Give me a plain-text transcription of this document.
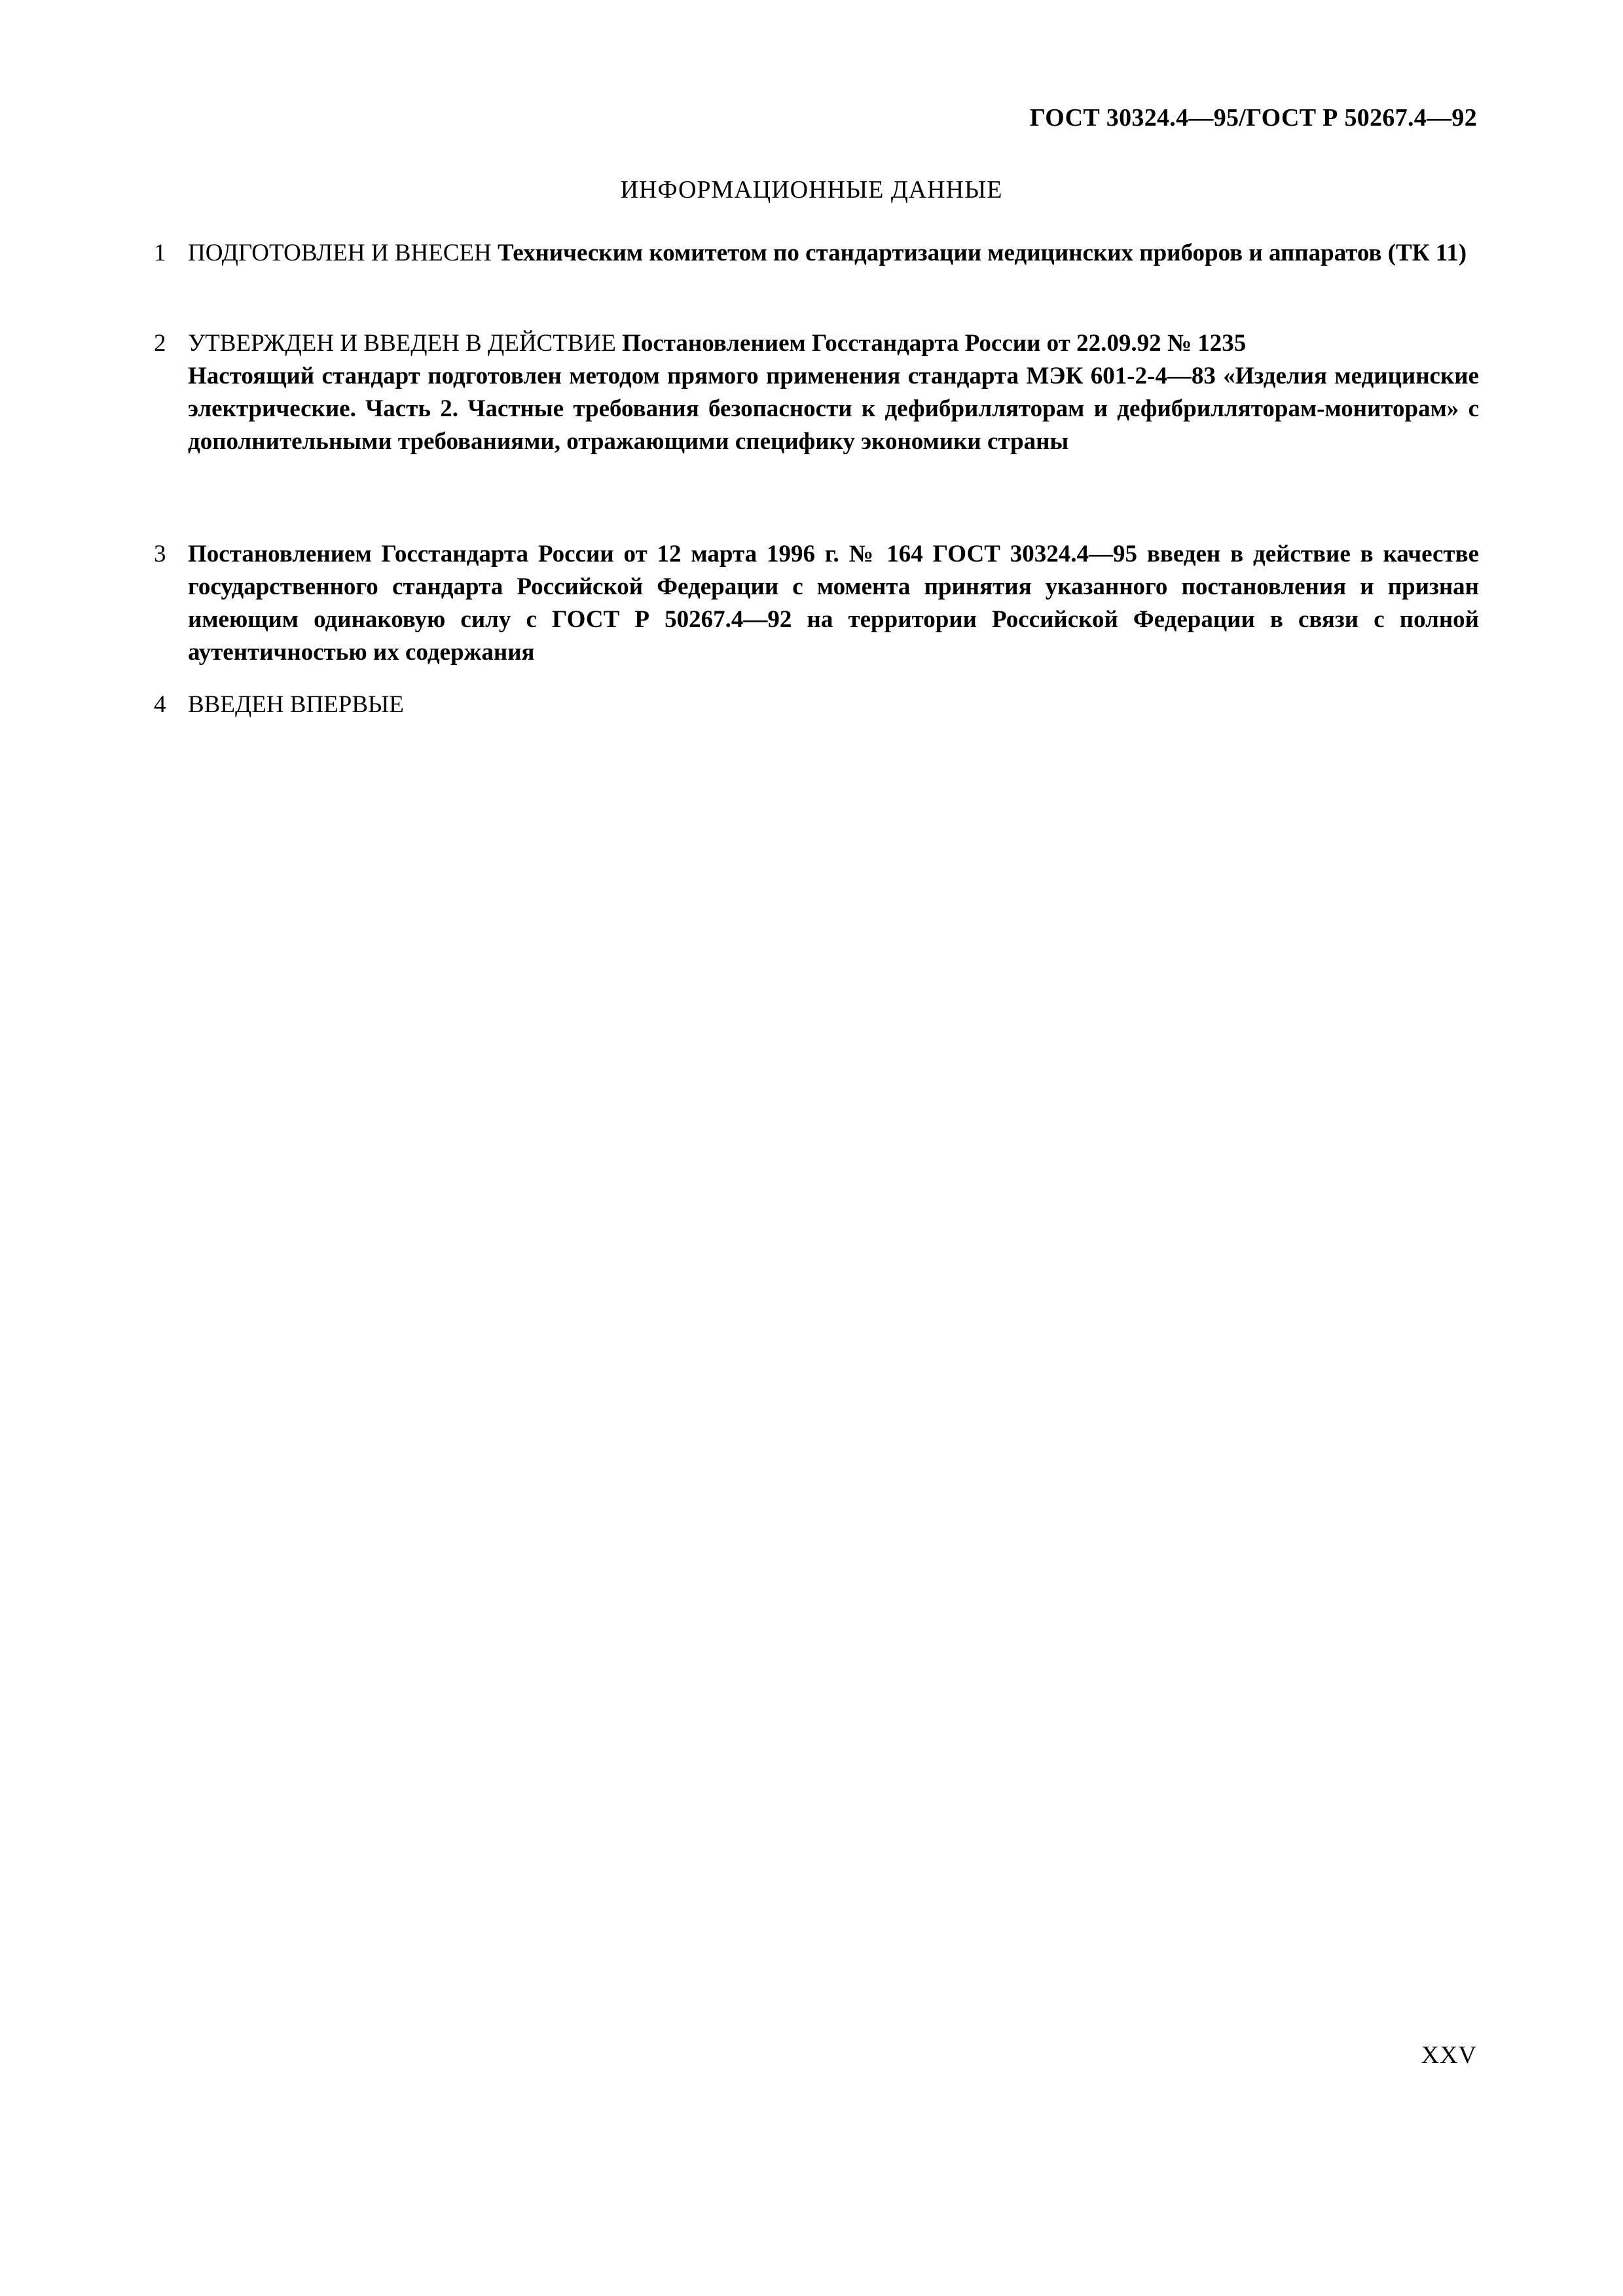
ГОСТ 30324.4—95/ГОСТ Р 50267.4—92
ИНФОРМАЦИОННЫЕ ДАННЫЕ
1 ПОДГОТОВЛЕН И ВНЕСЕН Техническим комитетом по стандартизации медицинских приборов и аппаратов (ТК 11)
2 УТВЕРЖДЕН И ВВЕДЕН В ДЕЙСТВИЕ Постановлением Госстандарта России от 22.09.92 № 1235
Настоящий стандарт подготовлен методом прямого применения стандарта МЭК 601-2-4—83 «Изделия медицинские электрические. Часть 2. Частные требования безопасности к дефибрилляторам и дефибрилляторам-мониторам» с дополнительными требованиями, отражающими специфику экономики страны
3 Постановлением Госстандарта России от 12 марта 1996 г. № 164 ГОСТ 30324.4—95 введен в действие в качестве государственного стандарта Российской Федерации с момента принятия указанного постановления и признан имеющим одинаковую силу с ГОСТ Р 50267.4—92 на территории Российской Федерации в связи с полной аутентичностью их содержания
4 ВВЕДЕН ВПЕРВЫЕ
XXV
